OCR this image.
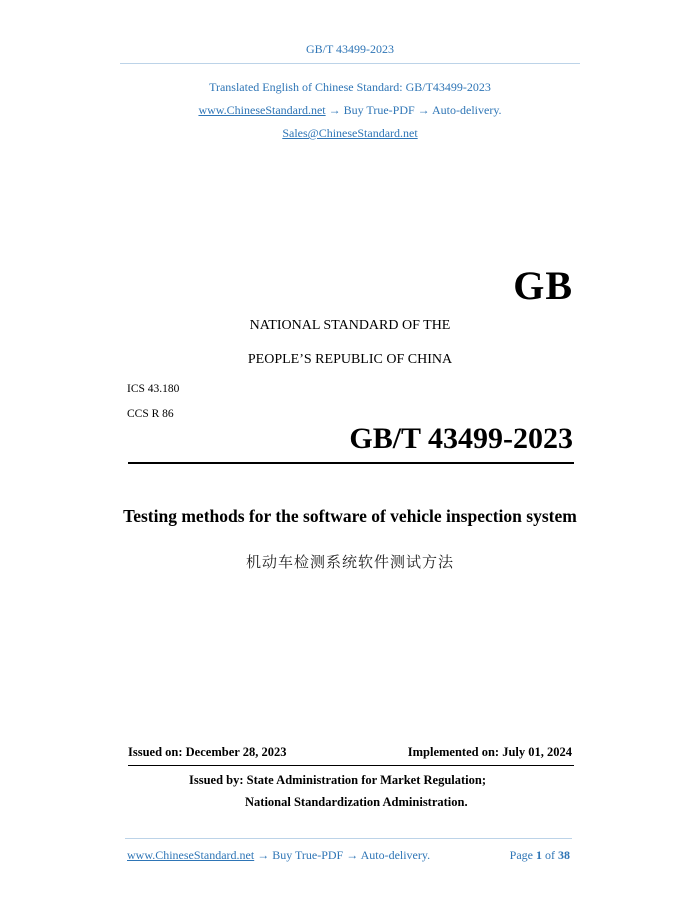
GB/T 43499-2023
Translated English of Chinese Standard: GB/T43499-2023
www.ChineseStandard.net → Buy True-PDF → Auto-delivery.
Sales@ChineseStandard.net
GB
NATIONAL STANDARD OF THE
PEOPLE’S REPUBLIC OF CHINA
ICS 43.180
CCS R 86
GB/T 43499-2023
Testing methods for the software of vehicle inspection system
机动车检测系统软件测试方法
Issued on: December 28, 2023	Implemented on: July 01, 2024
Issued by: State Administration for Market Regulation;
National Standardization Administration.
www.ChineseStandard.net → Buy True-PDF → Auto-delivery.	Page 1 of 38
